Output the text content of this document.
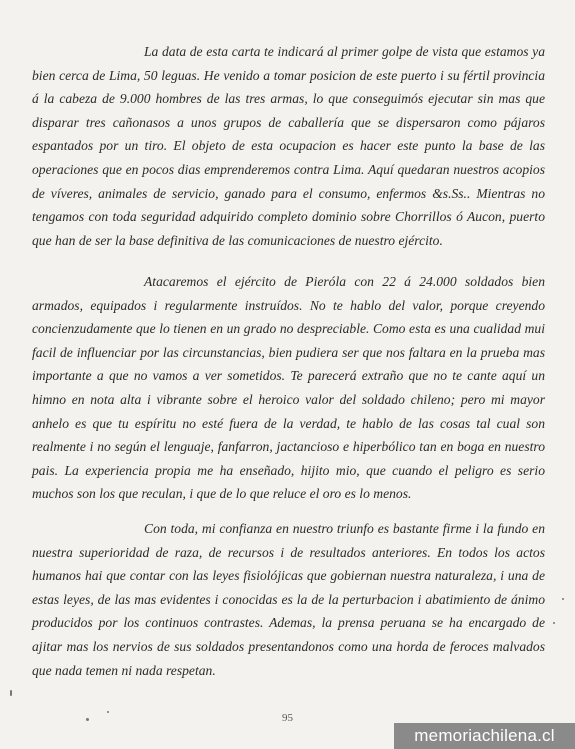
La data de esta carta te indicará al primer golpe de vista que estamos ya bien cerca de Lima, 50 leguas. He venido a tomar posicion de este puerto i su fértil provincia á la cabeza de 9.000 hombres de las tres armas, lo que conseguimós ejecutar sin mas que disparar tres cañonasos a unos grupos de caballería que se dispersaron como pájaros espantados por un tiro. El objeto de esta ocupacion es hacer este punto la base de las operaciones que en pocos dias emprenderemos contra Lima. Aquí quedaran nuestros acopios de víveres, animales de servicio, ganado para el consumo, enfermos &s.Ss.. Mientras no tengamos con toda seguridad adquirido completo dominio sobre Chorrillos ó Aucon, puerto que han de ser la base definitiva de las comunicaciones de nuestro ejército.

Atacaremos el ejército de Pieróla con 22 á 24.000 soldados bien armados, equipados i regularmente instruídos. No te hablo del valor, porque creyendo concienzudamente que lo tienen en un grado no despreciable. Como esta es una cualidad mui facil de influenciar por las circunstancias, bien pudiera ser que nos faltara en la prueba mas importante a que no vamos a ver sometidos. Te parecerá extraño que no te cante aquí un himno en nota alta i vibrante sobre el heroico valor del soldado chileno; pero mi mayor anhelo es que tu espíritu no esté fuera de la verdad, te hablo de las cosas tal cual son realmente i no según el lenguaje, fanfarron, jactancioso e hiperbólico tan en boga en nuestro pais. La experiencia propia me ha enseñado, hijito mio, que cuando el peligro es serio muchos son los que reculan, i que de lo que reluce el oro es lo menos.

Con toda, mi confianza en nuestro triunfo es bastante firme i la fundo en nuestra superioridad de raza, de recursos i de resultados anteriores. En todos los actos humanos hai que contar con las leyes fisiolójicas que gobiernan nuestra naturaleza, i una de estas leyes, de las mas evidentes i conocidas es la de la perturbacion i abatimiento de ánimo producidos por los continuos contrastes. Ademas, la prensa peruana se ha encargado de ajitar mas los nervios de sus soldados presentandonos como una horda de feroces malvados que nada temen ni nada respetan.

95
memoriachilena.cl
